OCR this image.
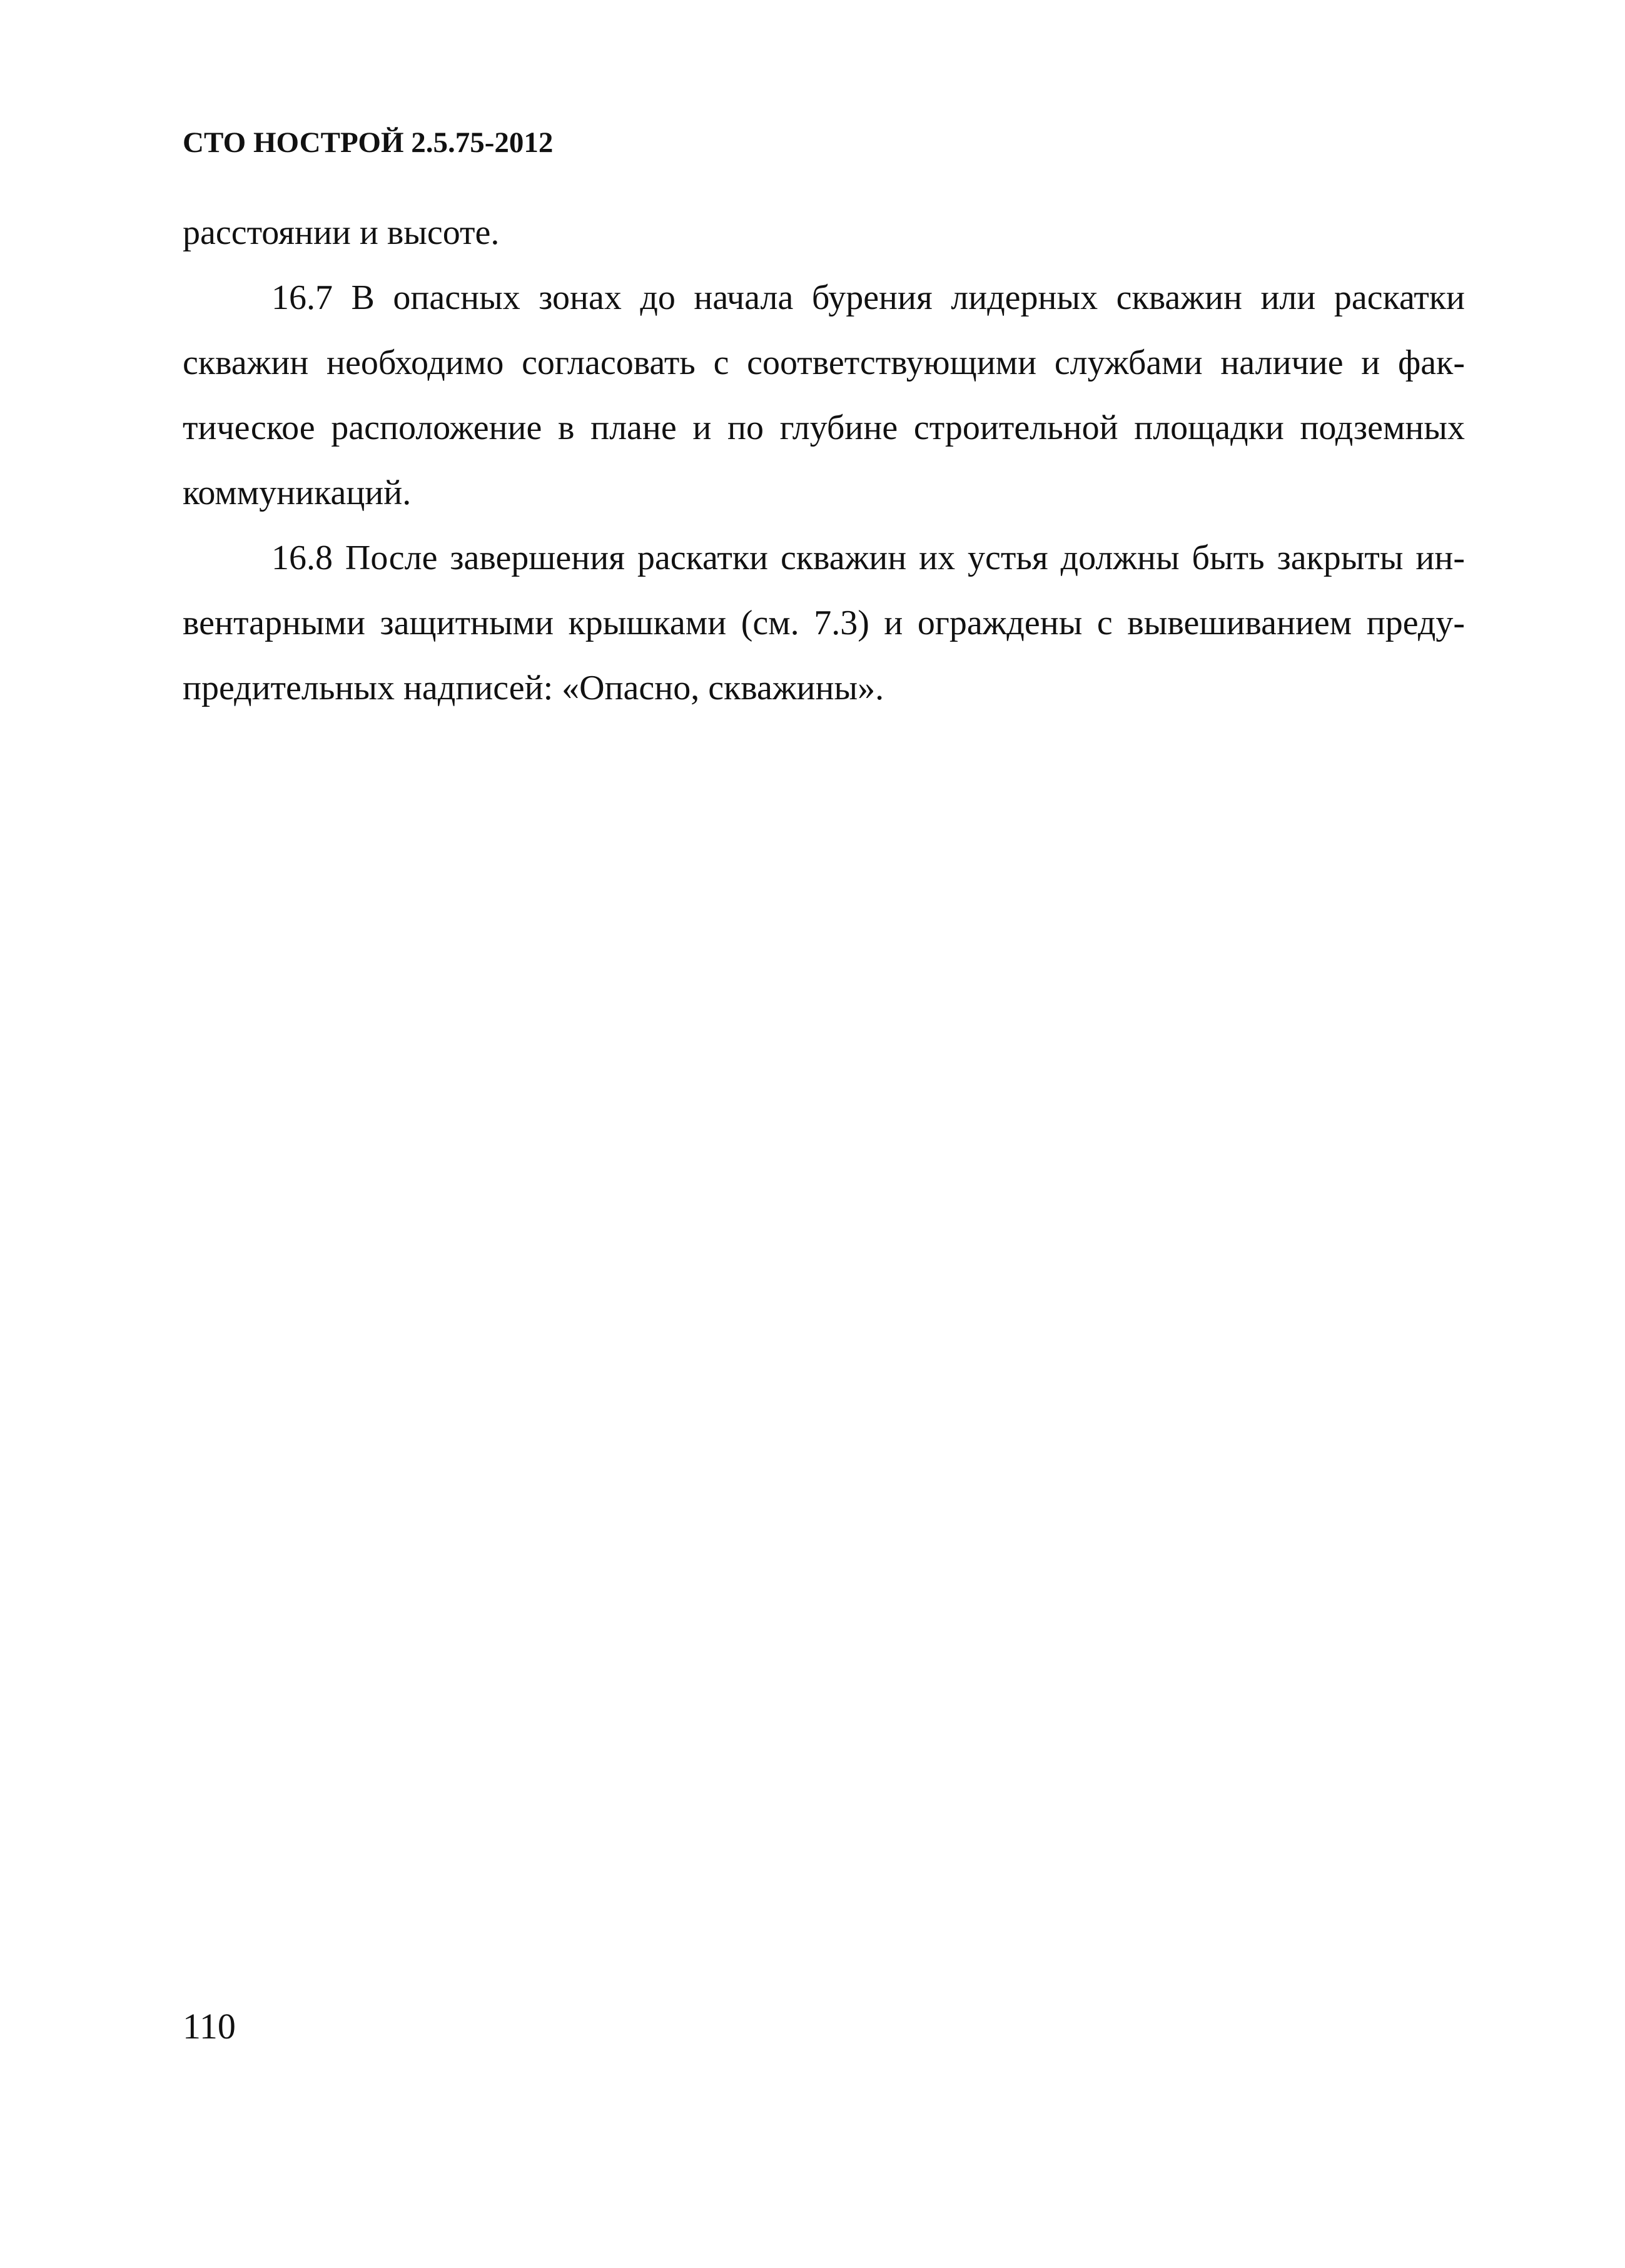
СТО НОСТРОЙ 2.5.75-2012
расстоянии и высоте.
16.7 В опасных зонах до начала бурения лидерных скважин или раскатки
скважин необходимо согласовать с соответствующими службами наличие и фак-
тическое расположение в плане и по глубине строительной площадки подземных
коммуникаций.
16.8 После завершения раскатки скважин их устья должны быть закрыты ин-
вентарными защитными крышками (см. 7.3) и ограждены с вывешиванием преду-
предительных надписей: «Опасно, скважины».
110
